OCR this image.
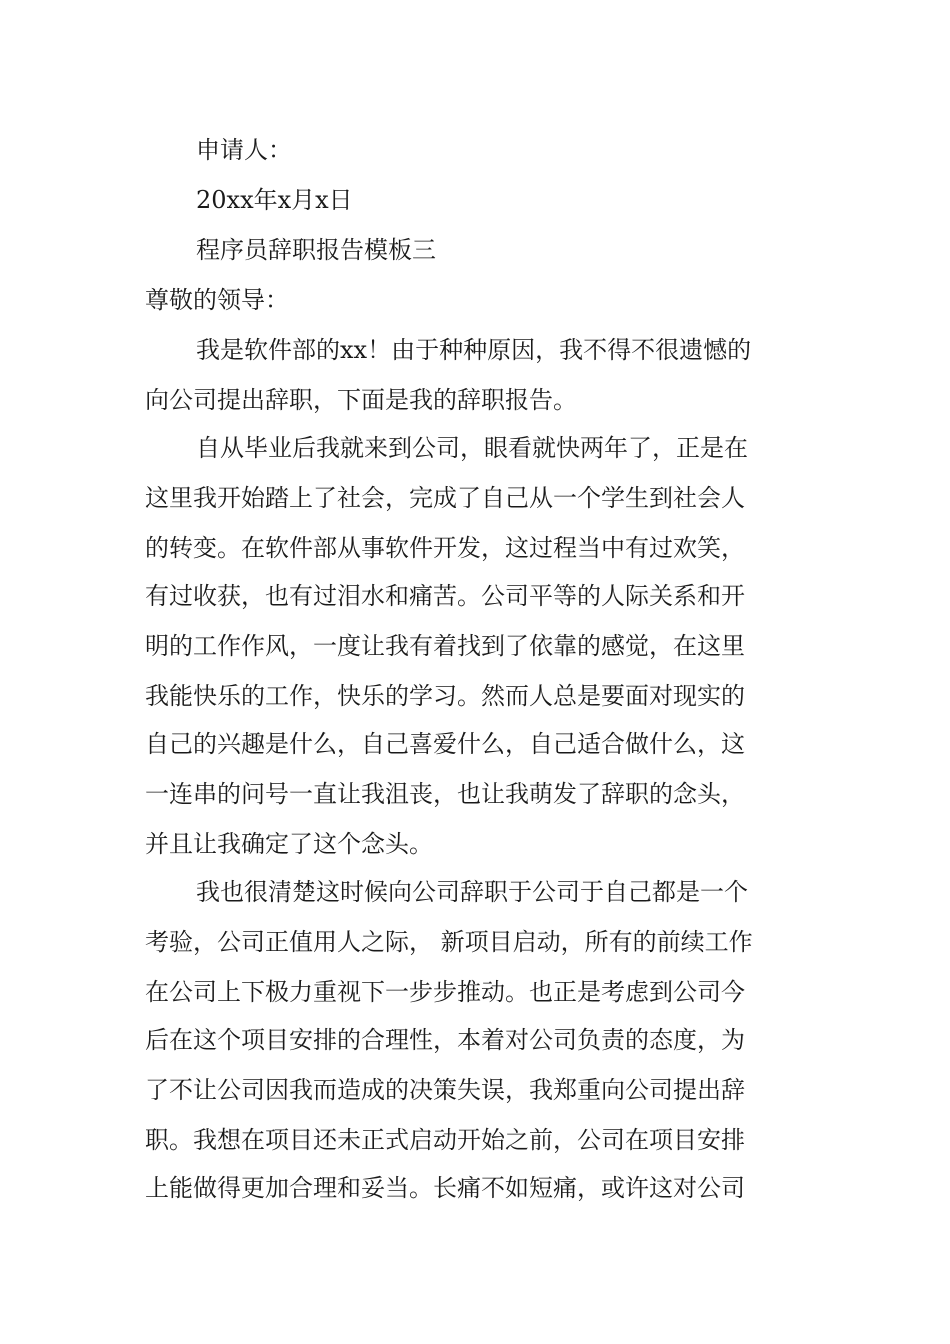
申请人：
20xx年x月x日
程序员辞职报告模板三
尊敬的领导：
我是软件部的xx！由于种种原因，我不得不很遗憾的
向公司提出辞职，下面是我的辞职报告。
自从毕业后我就来到公司，眼看就快两年了，正是在
这里我开始踏上了社会，完成了自己从一个学生到社会人
的转变。在软件部从事软件开发，这过程当中有过欢笑，
有过收获，也有过泪水和痛苦。公司平等的人际关系和开
明的工作作风，一度让我有着找到了依靠的感觉，在这里
我能快乐的工作，快乐的学习。然而人总是要面对现实的
自己的兴趣是什么，自己喜爱什么，自己适合做什么，这
一连串的问号一直让我沮丧，也让我萌发了辞职的念头，
并且让我确定了这个念头。
我也很清楚这时候向公司辞职于公司于自己都是一个
考验，公司正值用人之际， 新项目启动，所有的前续工作
在公司上下极力重视下一步步推动。也正是考虑到公司今
后在这个项目安排的合理性，本着对公司负责的态度，为
了不让公司因我而造成的决策失误，我郑重向公司提出辞
职。我想在项目还未正式启动开始之前，公司在项目安排
上能做得更加合理和妥当。长痛不如短痛，或许这对公司
